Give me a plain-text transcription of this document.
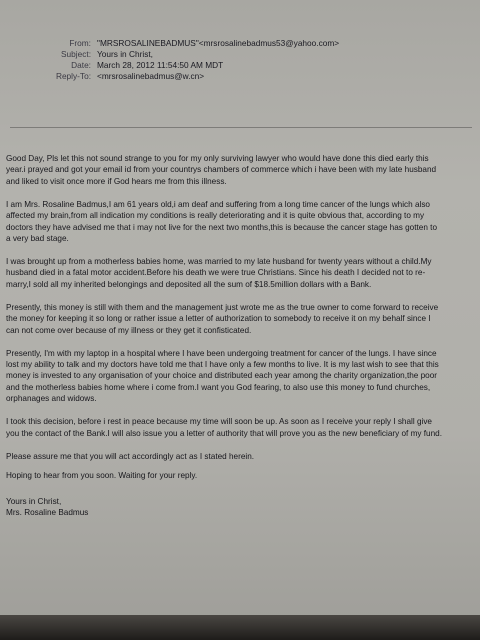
From: "MRSROSALINEBADMUS"<mrsrosalinebadmus53@yahoo.com>
Subject: Yours in Christ,
Date: March 28, 2012 11:54:50 AM MDT
Reply-To: <mrsrosalinebadmus@w.cn>

Good Day, Pls let this not sound strange to you for my only surviving lawyer who would have done this died early this
year.i prayed and got your email id from your countrys chambers of commerce which i have been with my late husband
and liked to visit once more if God hears me from this illness.

I am Mrs. Rosaline Badmus,I am 61 years old,i am deaf and suffering from a long time cancer of the lungs which also
affected my brain,from all indication my conditions is really deteriorating and it is quite obvious that, according to my
doctors they have advised me that i may not live for the next two months,this is because the cancer stage has gotten to
a very bad stage.

I was brought up from a motherless babies home, was married to my late husband for twenty years without a child.My
husband died in a fatal motor accident.Before his death we were true Christians. Since his death I decided not to re-
marry,I sold all my inherited belongings and deposited all the sum of $18.5million dollars with a Bank.

Presently, this money is still with them and the management just wrote me as the true owner to come forward to receive
the money for keeping it so long or rather issue a letter of authorization to somebody to receive it on my behalf since I
can not come over because of my illness or they get it confisticated.

Presently, I'm with my laptop in a hospital where I have been undergoing treatment for cancer of the lungs. I have since
lost my ability to talk and my doctors have told me that I have only a few months to live. It is my last wish to see that this
money is invested to any organisation of your choice and distributed each year among the charity organization,the poor
and the motherless babies home where i come from.I want you God fearing, to also use this money to fund churches,
orphanages and widows.

I took this decision, before i rest in peace because my time will soon be up. As soon as I receive your reply I shall give
you the contact of the Bank.I will also issue you a letter of authority that will prove you as the new beneficiary of my fund.

Please assure me that you will act accordingly act as I stated herein.

Hoping to hear from you soon. Waiting for your reply.

Yours in Christ,
Mrs. Rosaline Badmus
